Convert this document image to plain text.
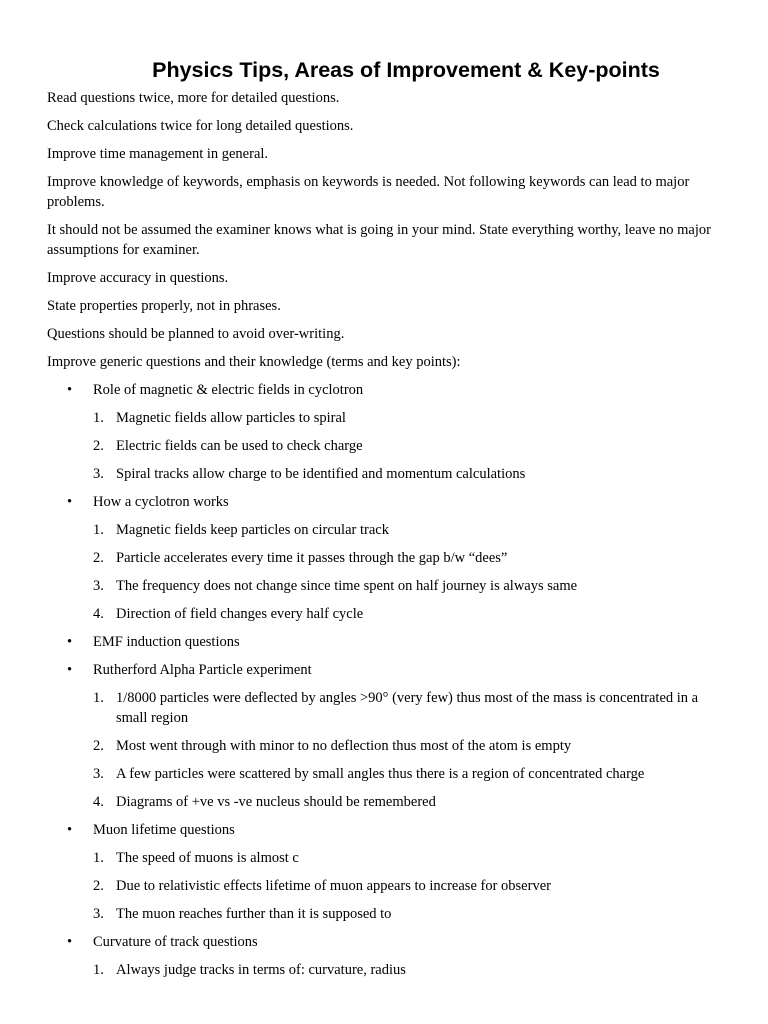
Physics Tips, Areas of Improvement & Key-points

Read questions twice, more for detailed questions.

Check calculations twice for long detailed questions.

Improve time management in general.

Improve knowledge of keywords, emphasis on keywords is needed. Not following keywords can lead to major problems.

It should not be assumed the examiner knows what is going in your mind. State everything worthy, leave no major assumptions for examiner.

Improve accuracy in questions.

State properties properly, not in phrases.

Questions should be planned to avoid over-writing.

Improve generic questions and their knowledge (terms and key points):

• Role of magnetic & electric fields in cyclotron
1. Magnetic fields allow particles to spiral
2. Electric fields can be used to check charge
3. Spiral tracks allow charge to be identified and momentum calculations
• How a cyclotron works
1. Magnetic fields keep particles on circular track
2. Particle accelerates every time it passes through the gap b/w “dees”
3. The frequency does not change since time spent on half journey is always same
4. Direction of field changes every half cycle
• EMF induction questions
• Rutherford Alpha Particle experiment
1. 1/8000 particles were deflected by angles >90° (very few) thus most of the mass is concentrated in a small region
2. Most went through with minor to no deflection thus most of the atom is empty
3. A few particles were scattered by small angles thus there is a region of concentrated charge
4. Diagrams of +ve vs -ve nucleus should be remembered
• Muon lifetime questions
1. The speed of muons is almost c
2. Due to relativistic effects lifetime of muon appears to increase for observer
3. The muon reaches further than it is supposed to
• Curvature of track questions
1. Always judge tracks in terms of: curvature, radius
